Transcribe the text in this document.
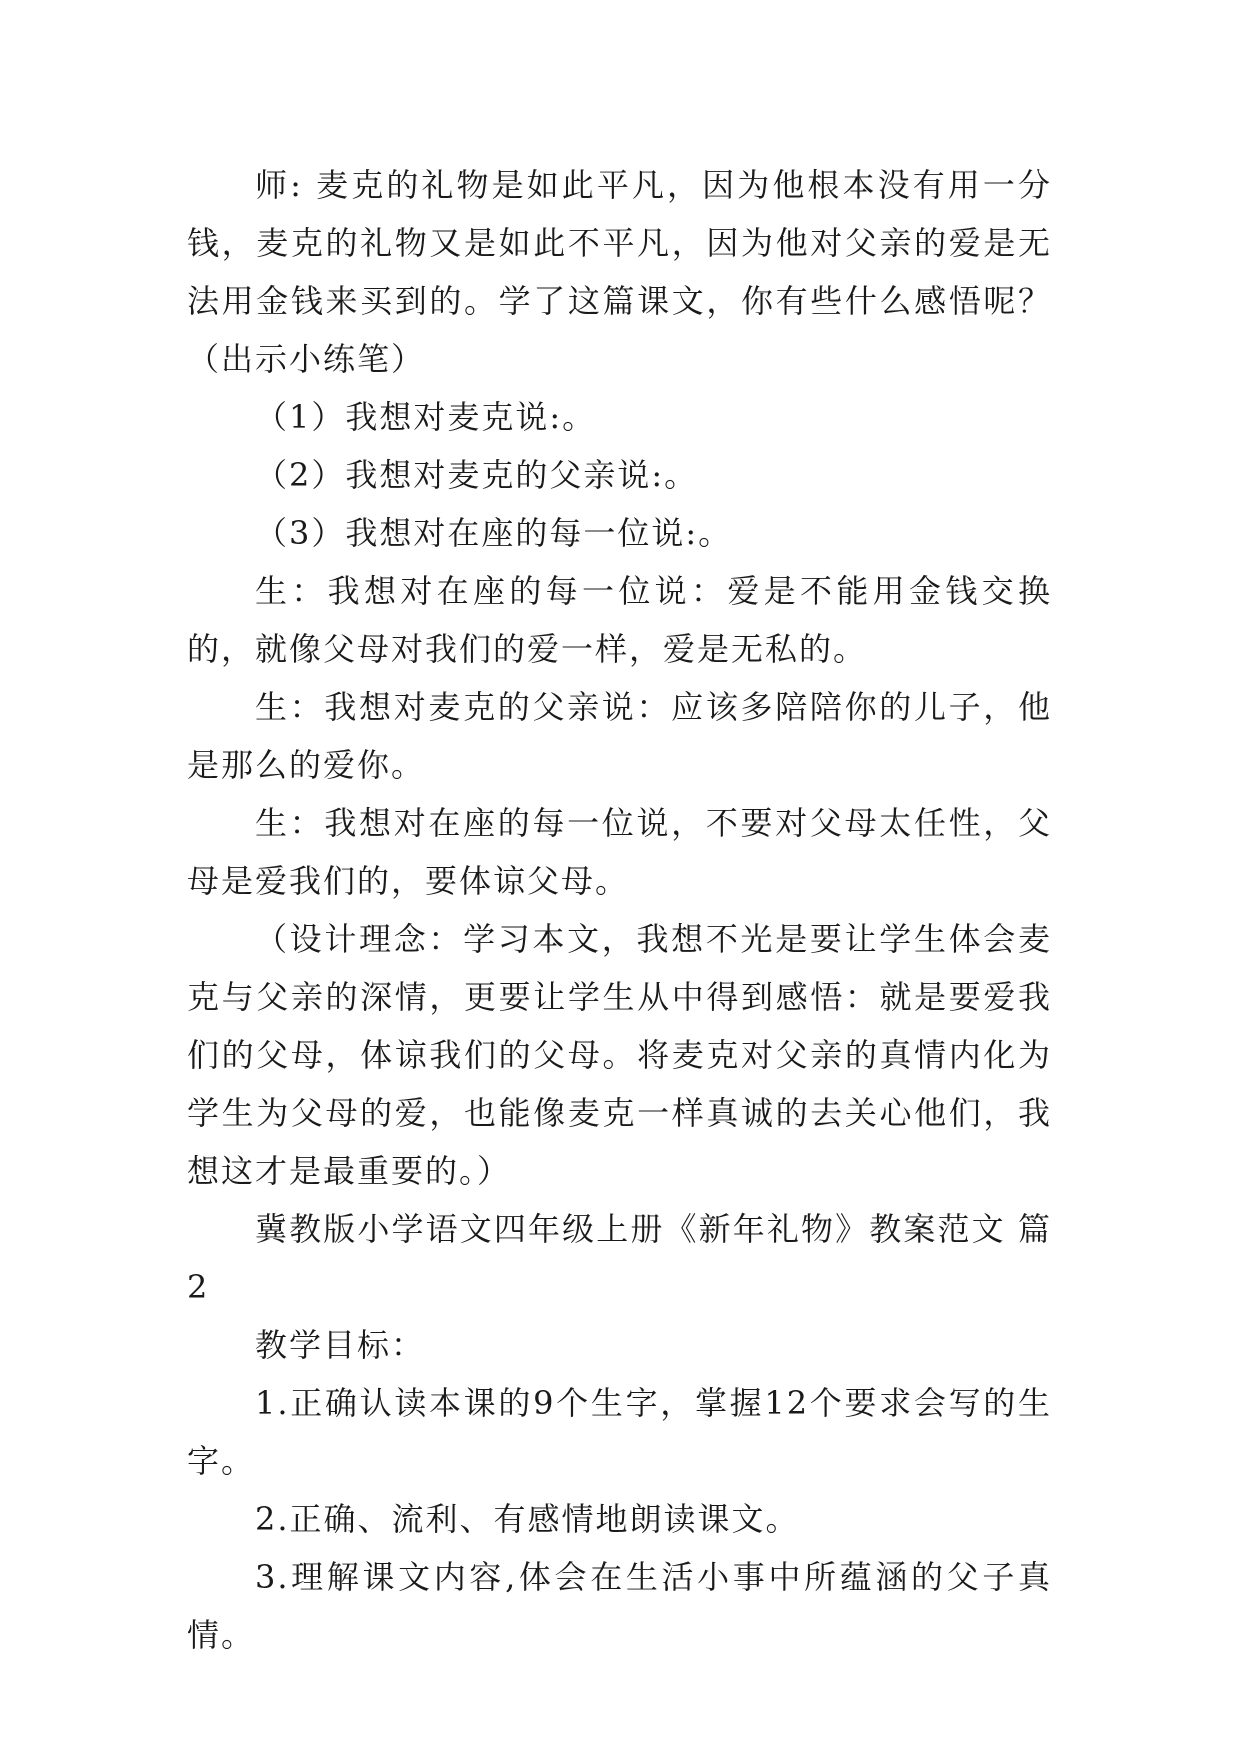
师: 麦克的礼物是如此平凡，因为他根本没有用一分钱，麦克的礼物又是如此不平凡，因为他对父亲的爱是无法用金钱来买到的。学了这篇课文，你有些什么感悟呢？（出示小练笔）

（1）我想对麦克说:。

（2）我想对麦克的父亲说:。

（3）我想对在座的每一位说:。

生：我想对在座的每一位说：爱是不能用金钱交换的，就像父母对我们的爱一样，爱是无私的。

生：我想对麦克的父亲说：应该多陪陪你的儿子，他是那么的爱你。

生：我想对在座的每一位说，不要对父母太任性，父母是爱我们的，要体谅父母。

（设计理念：学习本文，我想不光是要让学生体会麦克与父亲的深情，更要让学生从中得到感悟：就是要爱我们的父母，体谅我们的父母。将麦克对父亲的真情内化为学生为父母的爱，也能像麦克一样真诚的去关心他们，我想这才是最重要的。）

冀教版小学语文四年级上册《新年礼物》教案范文 篇2

教学目标：

1.正确认读本课的9个生字，掌握12个要求会写的生字。

2.正确、流利、有感情地朗读课文。

3.理解课文内容,体会在生活小事中所蕴涵的父子真情。
